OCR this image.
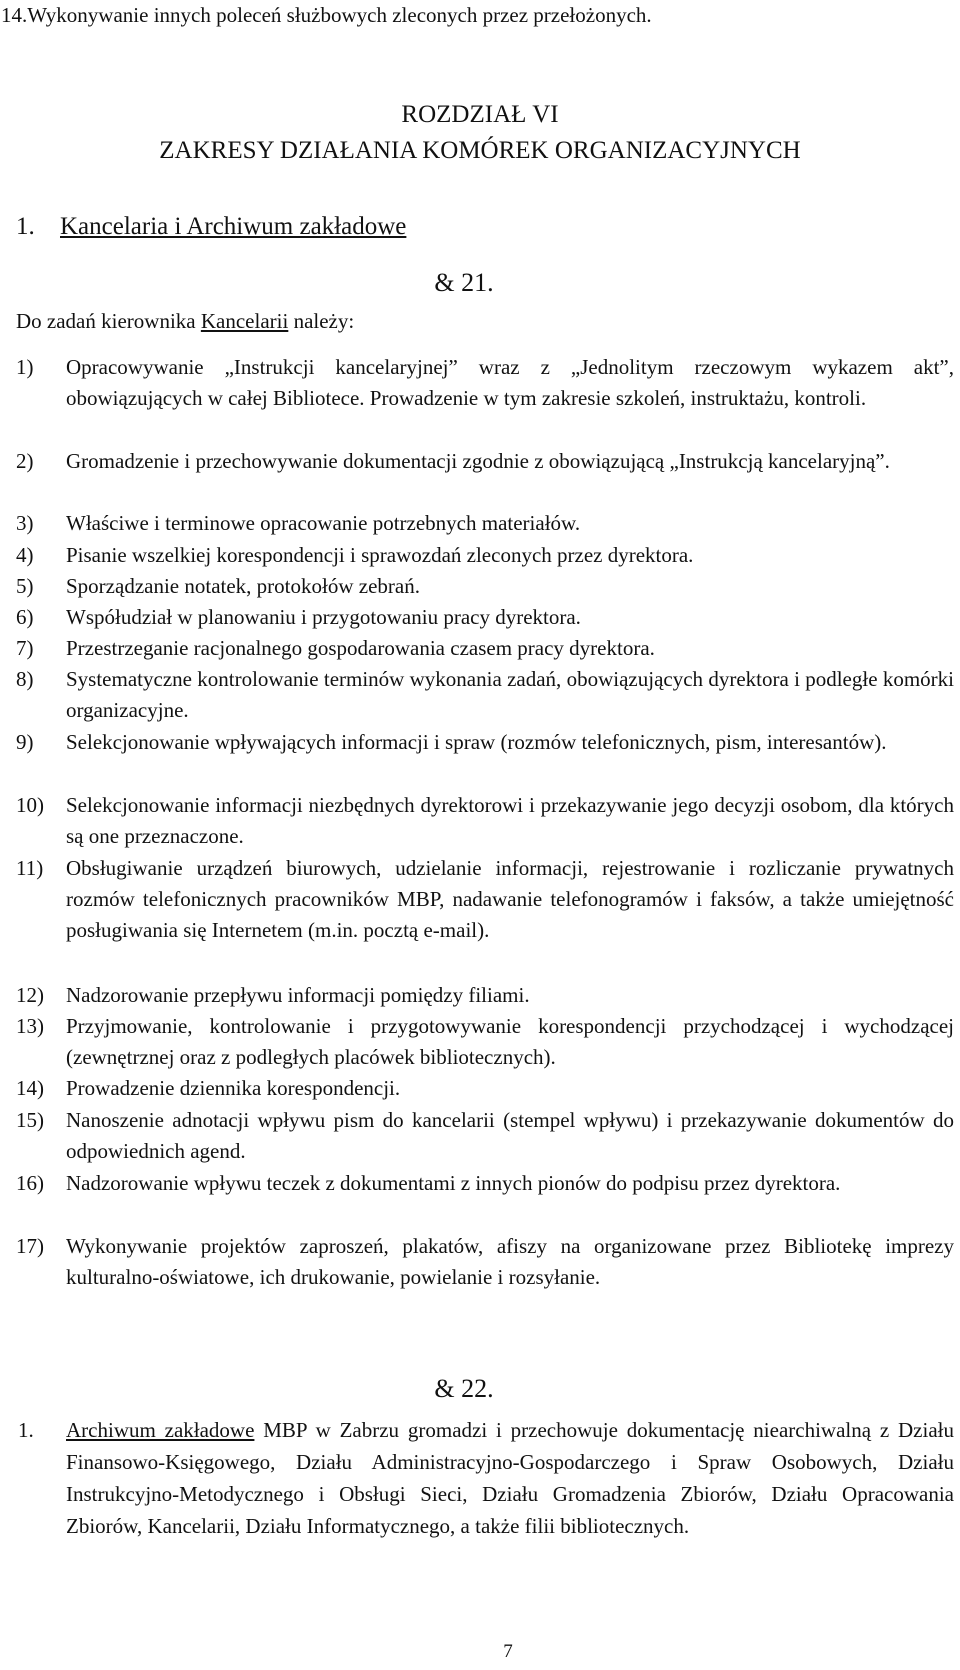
14.Wykonywanie innych poleceń służbowych zleconych przez przełożonych.
ROZDZIAŁ VI
ZAKRESY DZIAŁANIA KOMÓREK ORGANIZACYJNYCH
1. Kancelaria i Archiwum zakładowe
& 21.
Do zadań kierownika Kancelarii należy:
1) Opracowywanie „Instrukcji kancelaryjnej” wraz z „Jednolitym rzeczowym wykazem akt”, obowiązujących w całej Bibliotece. Prowadzenie w tym zakresie szkoleń, instruktażu, kontroli.
2) Gromadzenie i przechowywanie dokumentacji zgodnie z obowiązującą „Instrukcją kancelaryjną”.
3) Właściwe i terminowe opracowanie potrzebnych materiałów.
4) Pisanie wszelkiej korespondencji i sprawozdań zleconych przez dyrektora.
5) Sporządzanie notatek, protokołów zebrań.
6) Współudział w planowaniu i przygotowaniu pracy dyrektora.
7) Przestrzeganie racjonalnego gospodarowania czasem pracy dyrektora.
8) Systematyczne kontrolowanie terminów wykonania zadań, obowiązujących dyrektora i podległe komórki organizacyjne.
9) Selekcjonowanie wpływających informacji i spraw (rozmów telefonicznych, pism, interesantów).
10) Selekcjonowanie informacji niezbędnych dyrektorowi i przekazywanie jego decyzji osobom, dla których są one przeznaczone.
11) Obsługiwanie urządzeń biurowych, udzielanie informacji, rejestrowanie i rozliczanie prywatnych rozmów telefonicznych pracowników MBP, nadawanie telefonogramów i faksów, a także umiejętność posługiwania się Internetem (m.in. pocztą e-mail).
12) Nadzorowanie przepływu informacji pomiędzy filiami.
13) Przyjmowanie, kontrolowanie i przygotowywanie korespondencji przychodzącej i wychodzącej (zewnętrznej oraz z podległych placówek bibliotecznych).
14) Prowadzenie dziennika korespondencji.
15) Nanoszenie adnotacji wpływu pism do kancelarii (stempel wpływu) i przekazywanie dokumentów do odpowiednich agend.
16) Nadzorowanie wpływu teczek z dokumentami z innych pionów do podpisu przez dyrektora.
17) Wykonywanie projektów zaproszeń, plakatów, afiszy na organizowane przez Bibliotekę imprezy kulturalno-oświatowe, ich drukowanie, powielanie i rozsyłanie.
& 22.
1. Archiwum zakładowe MBP w Zabrzu gromadzi i przechowuje dokumentację niearchiwalną z Działu Finansowo-Księgowego, Działu Administracyjno-Gospodarczego i Spraw Osobowych, Działu Instrukcyjno-Metodycznego i Obsługi Sieci, Działu Gromadzenia Zbiorów, Działu Opracowania Zbiorów, Kancelarii, Działu Informatycznego, a także filii bibliotecznych.
7
